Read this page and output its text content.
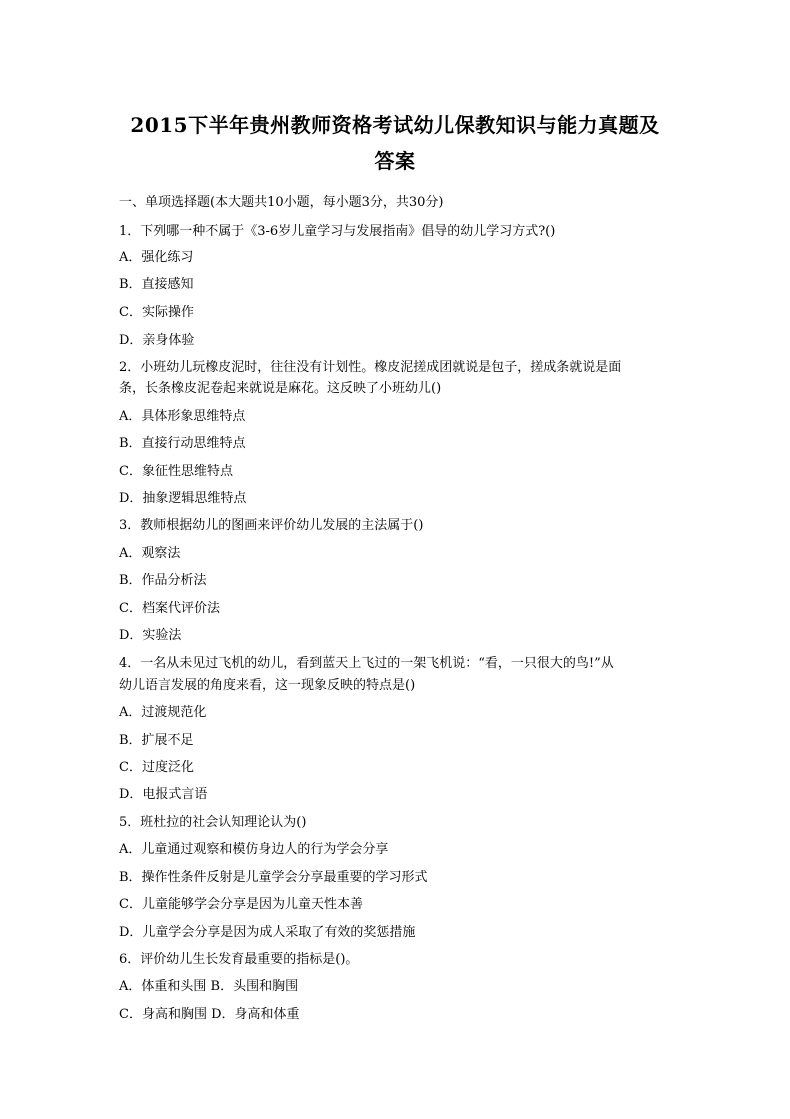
2015下半年贵州教师资格考试幼儿保教知识与能力真题及
答案
一、单项选择题(本大题共10小题，每小题3分，共30分)
1．下列哪一种不属于《3-6岁儿童学习与发展指南》倡导的幼儿学习方式?()
A．强化练习
B．直接感知
C．实际操作
D．亲身体验
2．小班幼儿玩橡皮泥时，往往没有计划性。橡皮泥搓成团就说是包子，搓成条就说是面
条，长条橡皮泥卷起来就说是麻花。这反映了小班幼儿()
A．具体形象思维特点
B．直接行动思维特点
C．象征性思维特点
D．抽象逻辑思维特点
3．教师根据幼儿的图画来评价幼儿发展的主法属于()
A．观察法
B．作品分析法
C．档案代评价法
D．实验法
4．一名从未见过飞机的幼儿，看到蓝天上飞过的一架飞机说：“看，一只很大的鸟!”从
幼儿语言发展的角度来看，这一现象反映的特点是()
A．过渡规范化
B．扩展不足
C．过度泛化
D．电报式言语
5．班杜拉的社会认知理论认为()
A．儿童通过观察和模仿身边人的行为学会分享
B．操作性条件反射是儿童学会分享最重要的学习形式
C．儿童能够学会分享是因为儿童天性本善
D．儿童学会分享是因为成人采取了有效的奖惩措施
6．评价幼儿生长发育最重要的指标是()。
A．体重和头围 B．头围和胸围
C．身高和胸围 D．身高和体重
